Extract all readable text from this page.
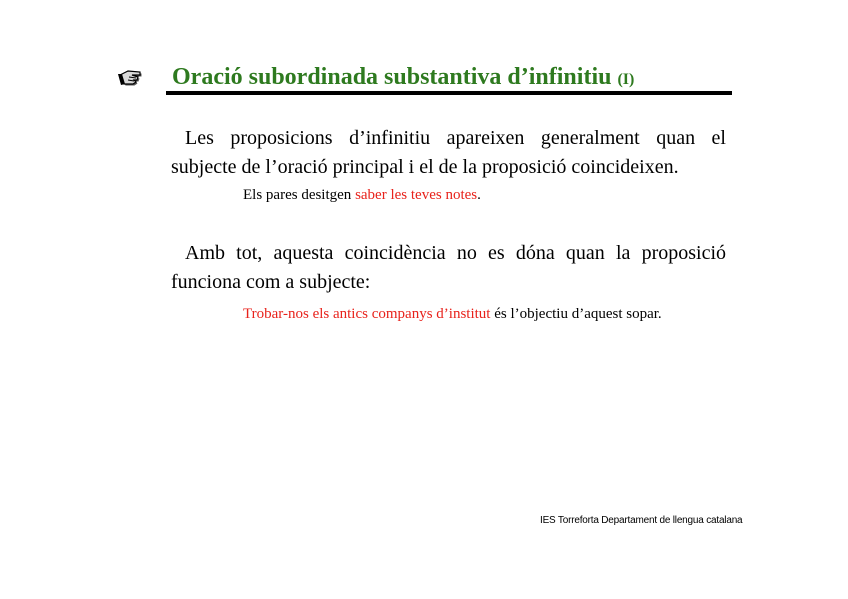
Oració subordinada substantiva d’infinitiu (I)
Les proposicions d’infinitiu apareixen generalment quan el subjecte de l’oració principal i el de la proposició coincideixen.
Els pares desitgen saber les teves notes.
Amb tot, aquesta coincidència no es dóna quan la proposició funciona com a subjecte:
Trobar-nos els antics companys d’institut és l’objectiu d’aquest sopar.
IES Torreforta Departament de llengua catalana
